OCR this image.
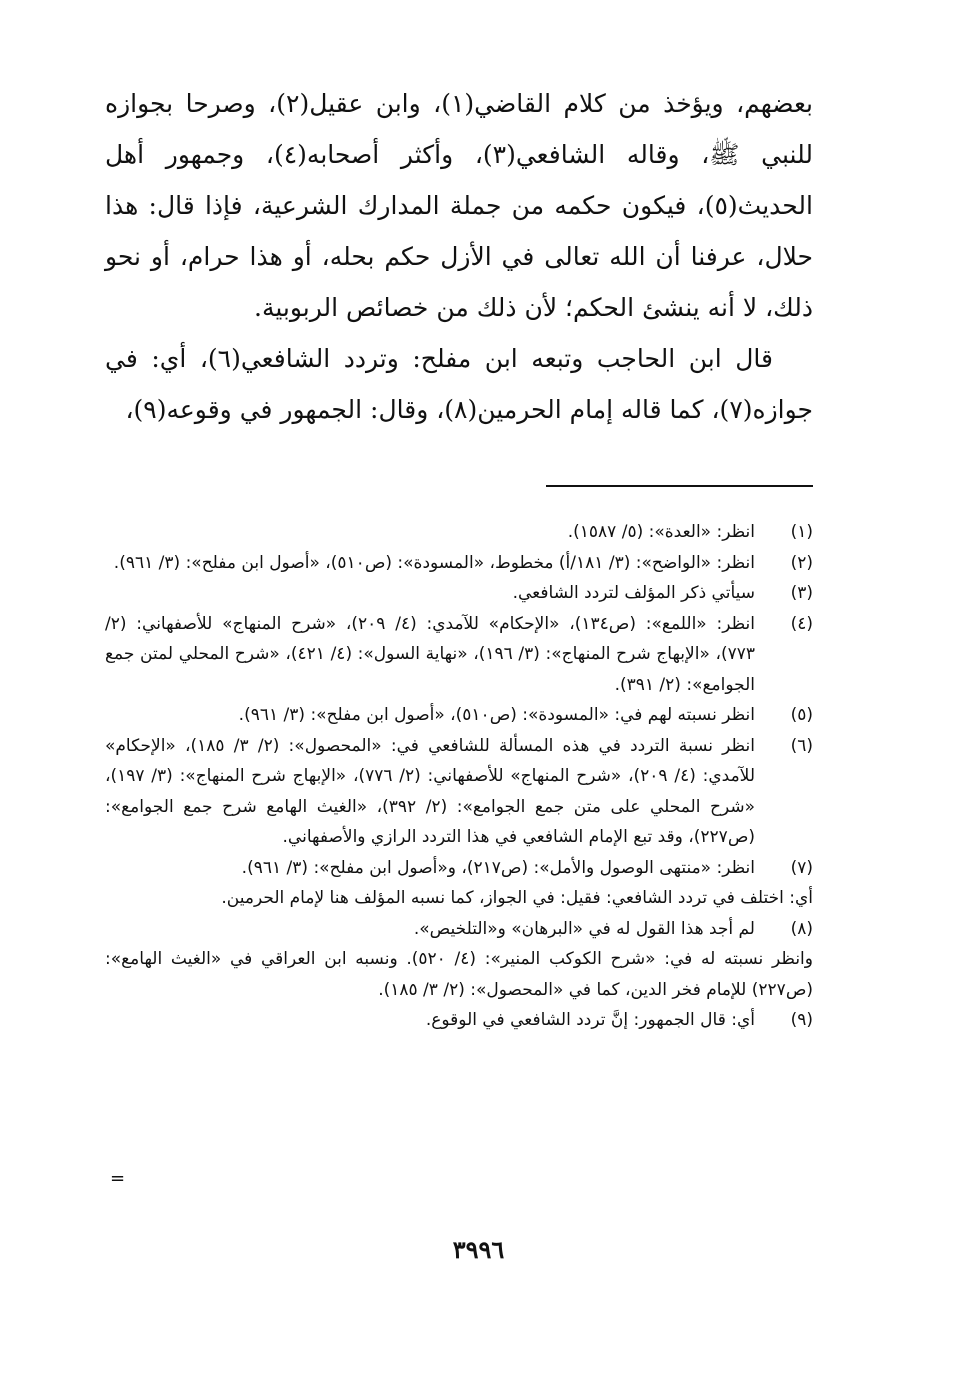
بعضهم، ويؤخذ من كلام القاضي(١)، وابن عقيل(٢)، وصرحا بجوازه للنبي ﷺ، وقاله الشافعي(٣)، وأكثر أصحابه(٤)، وجمهور أهل الحديث(٥)، فيكون حكمه من جملة المدارك الشرعية، فإذا قال: هذا حلال، عرفنا أن الله تعالى في الأزل حكم بحله، أو هذا حرام، أو نحو ذلك، لا أنه ينشئ الحكم؛ لأن ذلك من خصائص الربوبية.

قال ابن الحاجب وتبعه ابن مفلح: وتردد الشافعي(٦)، أي: في جوازه(٧)، كما قاله إمام الحرمين(٨)، وقال: الجمهور في وقوعه(٩)،

(١)
انظر: «العدة»: (٥/ ١٥٨٧).
(٢)
انظر: «الواضح»: (٣/ ١٨١/أ) مخطوط، «المسودة»: (ص٥١٠)، «أصول ابن مفلح»: (٣/ ٩٦١).
(٣)
سيأتي ذكر المؤلف لتردد الشافعي.
(٤)
انظر: «اللمع»: (ص١٣٤)، «الإحكام» للآمدي: (٤/ ٢٠٩)، «شرح المنهاج» للأصفهاني: (٢/ ٧٧٣)، «الإبهاج شرح المنهاج»: (٣/ ١٩٦)، «نهاية السول»: (٤/ ٤٢١)، «شرح المحلي لمتن جمع الجوامع»: (٢/ ٣٩١).
(٥)
انظر نسبته لهم في: «المسودة»: (ص٥١٠)، «أصول ابن مفلح»: (٣/ ٩٦١).
(٦)
انظر نسبة التردد في هذه المسألة للشافعي في: «المحصول»: (٢/ ٣/ ١٨٥)، «الإحكام» للآمدي: (٤/ ٢٠٩)، «شرح المنهاج» للأصفهاني: (٢/ ٧٧٦)، «الإبهاج شرح المنهاج»: (٣/ ١٩٧)، «شرح المحلي على متن جمع الجوامع»: (٢/ ٣٩٢)، «الغيث الهامع شرح جمع الجوامع»: (ص٢٢٧)، وقد تبع الإمام الشافعي في هذا التردد الرازي والأصفهاني.
(٧)
انظر: «منتهى الوصول والأمل»: (ص٢١٧)، و«أصول ابن مفلح»: (٣/ ٩٦١).
أي: اختلف في تردد الشافعي: فقيل: في الجواز، كما نسبه المؤلف هنا لإمام الحرمين.
(٨)
لم أجد هذا القول له في «البرهان» و«التلخيص».
وانظر نسبته له في: «شرح الكوكب المنير»: (٤/ ٥٢٠). ونسبه ابن العراقي في «الغيث الهامع»: (ص٢٢٧) للإمام فخر الدين، كما في «المحصول»: (٢/ ٣/ ١٨٥).
(٩)
أي: قال الجمهور: إنَّ تردد الشافعي في الوقوع.
=
٣٩٩٦
